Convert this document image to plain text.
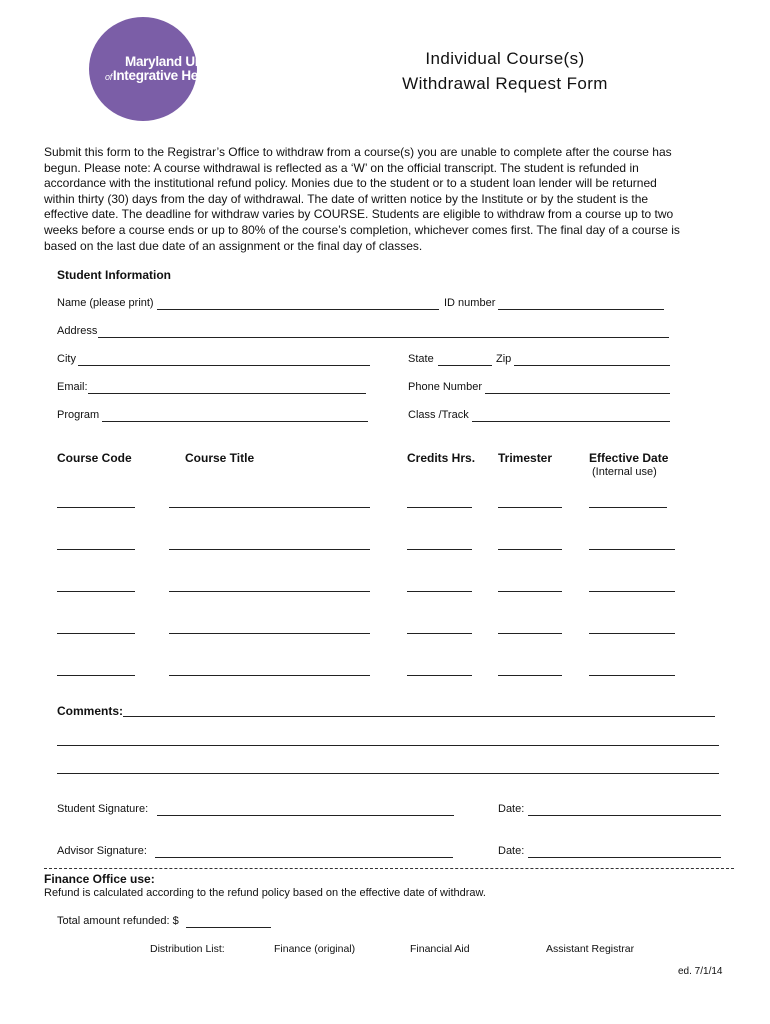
Maryland University
ofIntegrative Health
Individual Course(s)
Withdrawal Request Form
Submit this form to the Registrar’s Office to withdraw from a course(s) you are unable to complete after the course has
begun. Please note: A course withdrawal is reflected as a ‘W’ on the official transcript. The student is refunded in
accordance with the institutional refund policy. Monies due to the student or to a student loan lender will be returned
within thirty (30) days from the day of withdrawal. The date of written notice by the Institute or by the student is the
effective date. The deadline for withdraw varies by COURSE. Students are eligible to withdraw from a course up to two
weeks before a course ends or up to 80% of the course’s completion, whichever comes first. The final day of a course is
based on the last due date of an assignment or the final day of classes.
Student Information
Name (please print)	ID number
Address
City	State	Zip
Email:	Phone Number
Program	Class /Track
Course Code	Course Title	Credits Hrs. Trimester	Effective Date
(Internal use)
Comments:
Student Signature:	Date:
Advisor Signature:	Date:
Finance Office use:
Refund is calculated according to the refund policy based on the effective date of withdraw.
Total amount refunded: $
Distribution List:	Finance (original)	Financial Aid	Assistant Registrar
ed. 7/1/14
